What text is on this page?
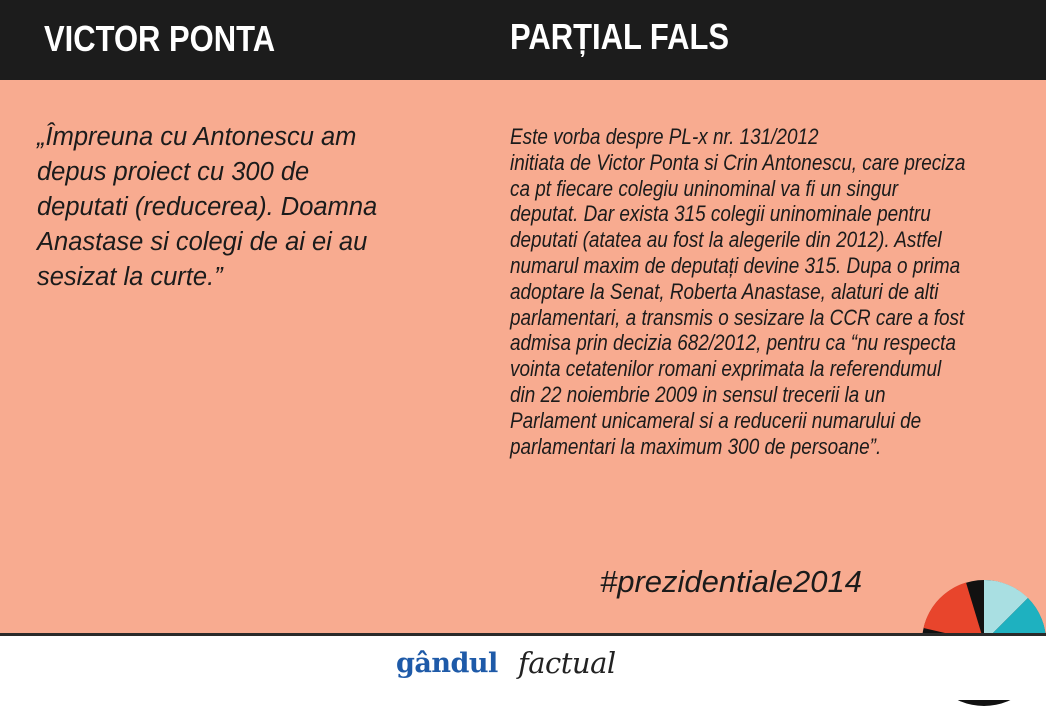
VICTOR PONTA	PARȚIAL FALS
„Împreuna cu Antonescu am
depus proiect cu 300 de
deputati (reducerea). Doamna
Anastase si colegi de ai ei au
sesizat la curte.”
Este vorba despre PL-x nr. 131/2012
initiata de Victor Ponta si Crin Antonescu, care preciza
ca pt fiecare colegiu uninominal va fi un singur
deputat. Dar exista 315 colegii uninominale pentru
deputati (atatea au fost la alegerile din 2012). Astfel
numarul maxim de deputați devine 315. Dupa o prima
adoptare la Senat, Roberta Anastase, alaturi de alti
parlamentari, a transmis o sesizare la CCR care a fost
admisa prin decizia 682/2012, pentru ca “nu respecta
vointa cetatenilor romani exprimata la referendumul
din 22 noiembrie 2009 in sensul trecerii la un
Parlament unicameral si a reducerii numarului de
parlamentari la maximum 300 de persoane”.
#prezidentiale2014
gândul factual
